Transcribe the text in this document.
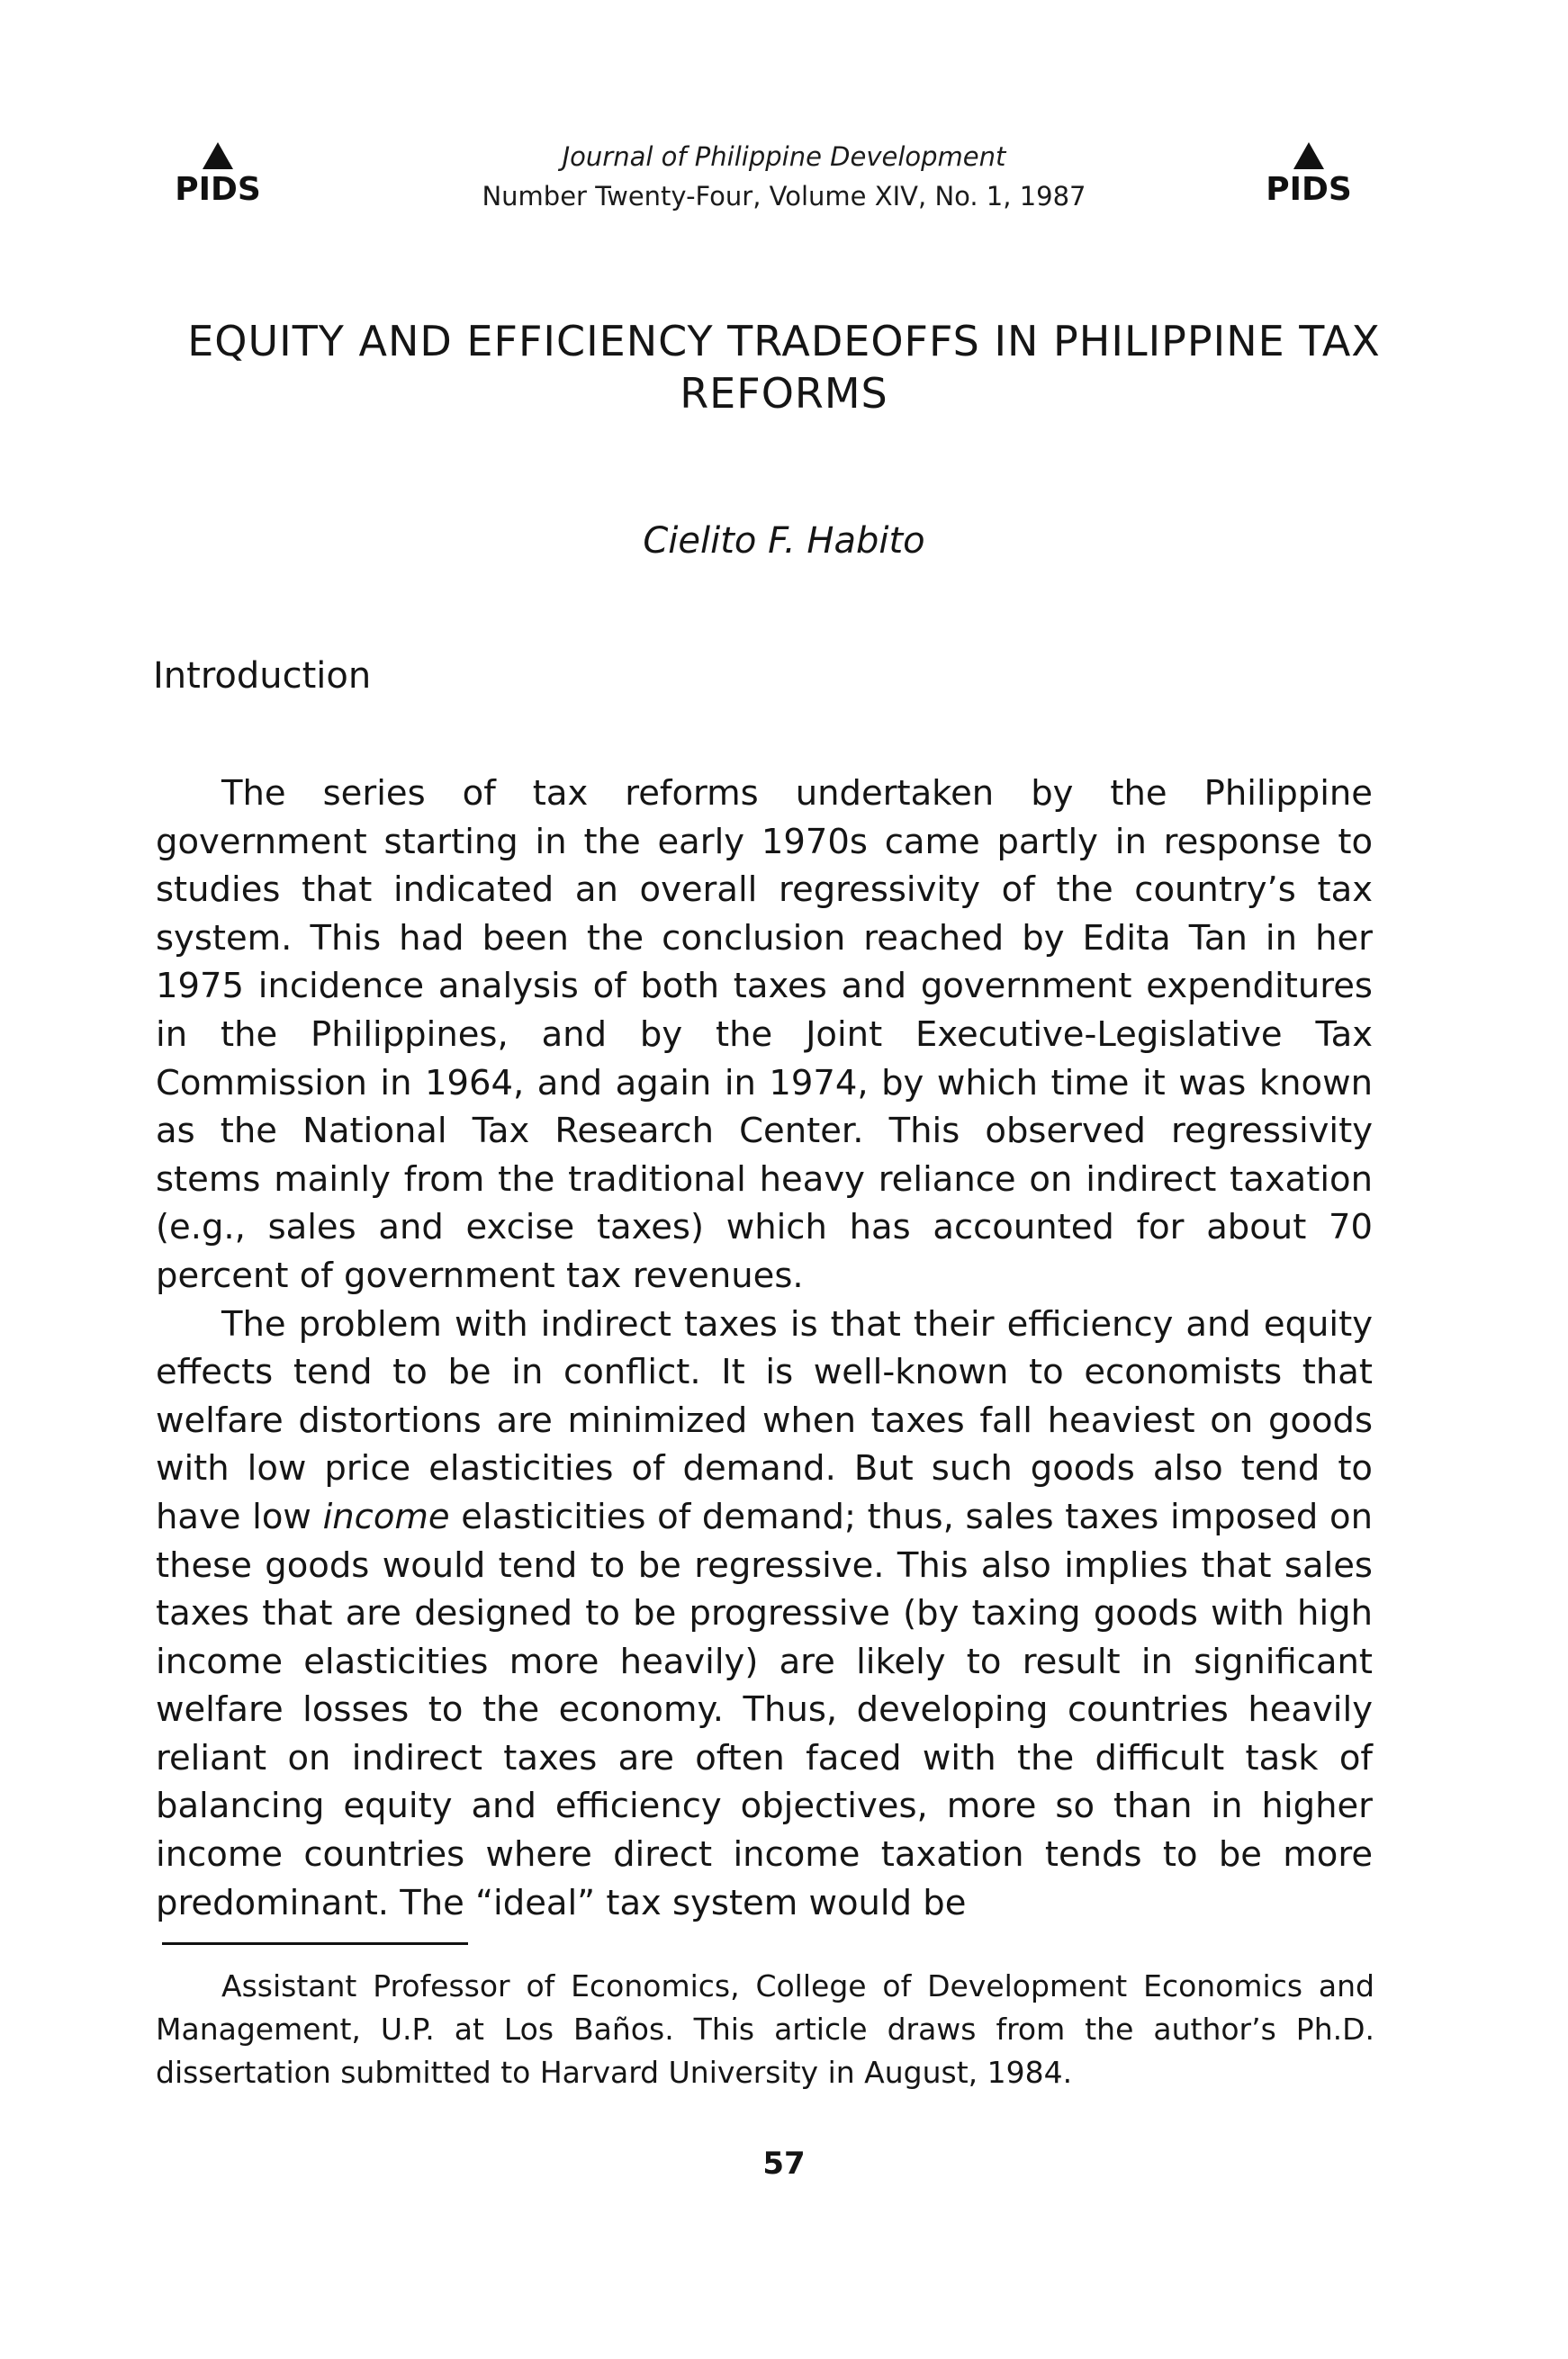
PIDS
Journal of Philippine Development
Number Twenty-Four, Volume XIV, No. 1, 1987	PIDS
EQUITY AND EFFICIENCY TRADEOFFS IN PHILIPPINE TAX
REFORMS
Cielito F. Habito
Introduction

The series of tax reforms undertaken by the Philippine government starting in the early 1970s came partly in response to studies that indicated an overall regressivity of the country’s tax system. This had been the conclusion reached by Edita Tan in her 1975 incidence analysis of both taxes and government expenditures in the Philippines, and by the Joint Executive-Legislative Tax Commission in 1964, and again in 1974, by which time it was known as the National Tax Research Center. This observed regressivity stems mainly from the traditional heavy reliance on indirect taxation (e.g., sales and excise taxes) which has accounted for about 70 percent of government tax revenues.

The problem with indirect taxes is that their efficiency and equity effects tend to be in conflict. It is well-known to economists that welfare distortions are minimized when taxes fall heaviest on goods with low price elasticities of demand. But such goods also tend to have low income elasticities of demand; thus, sales taxes imposed on these goods would tend to be regressive. This also implies that sales taxes that are designed to be progressive (by taxing goods with high income elasticities more heavily) are likely to result in significant welfare losses to the economy. Thus, developing countries heavily reliant on indirect taxes are often faced with the difficult task of balancing equity and efficiency objectives, more so than in higher income countries where direct income taxation tends to be more predominant. The “ideal” tax system would be

Assistant Professor of Economics, College of Development Economics and Management, U.P. at Los Baños. This article draws from the author’s Ph.D. dissertation submitted to Harvard University in August, 1984.

57
